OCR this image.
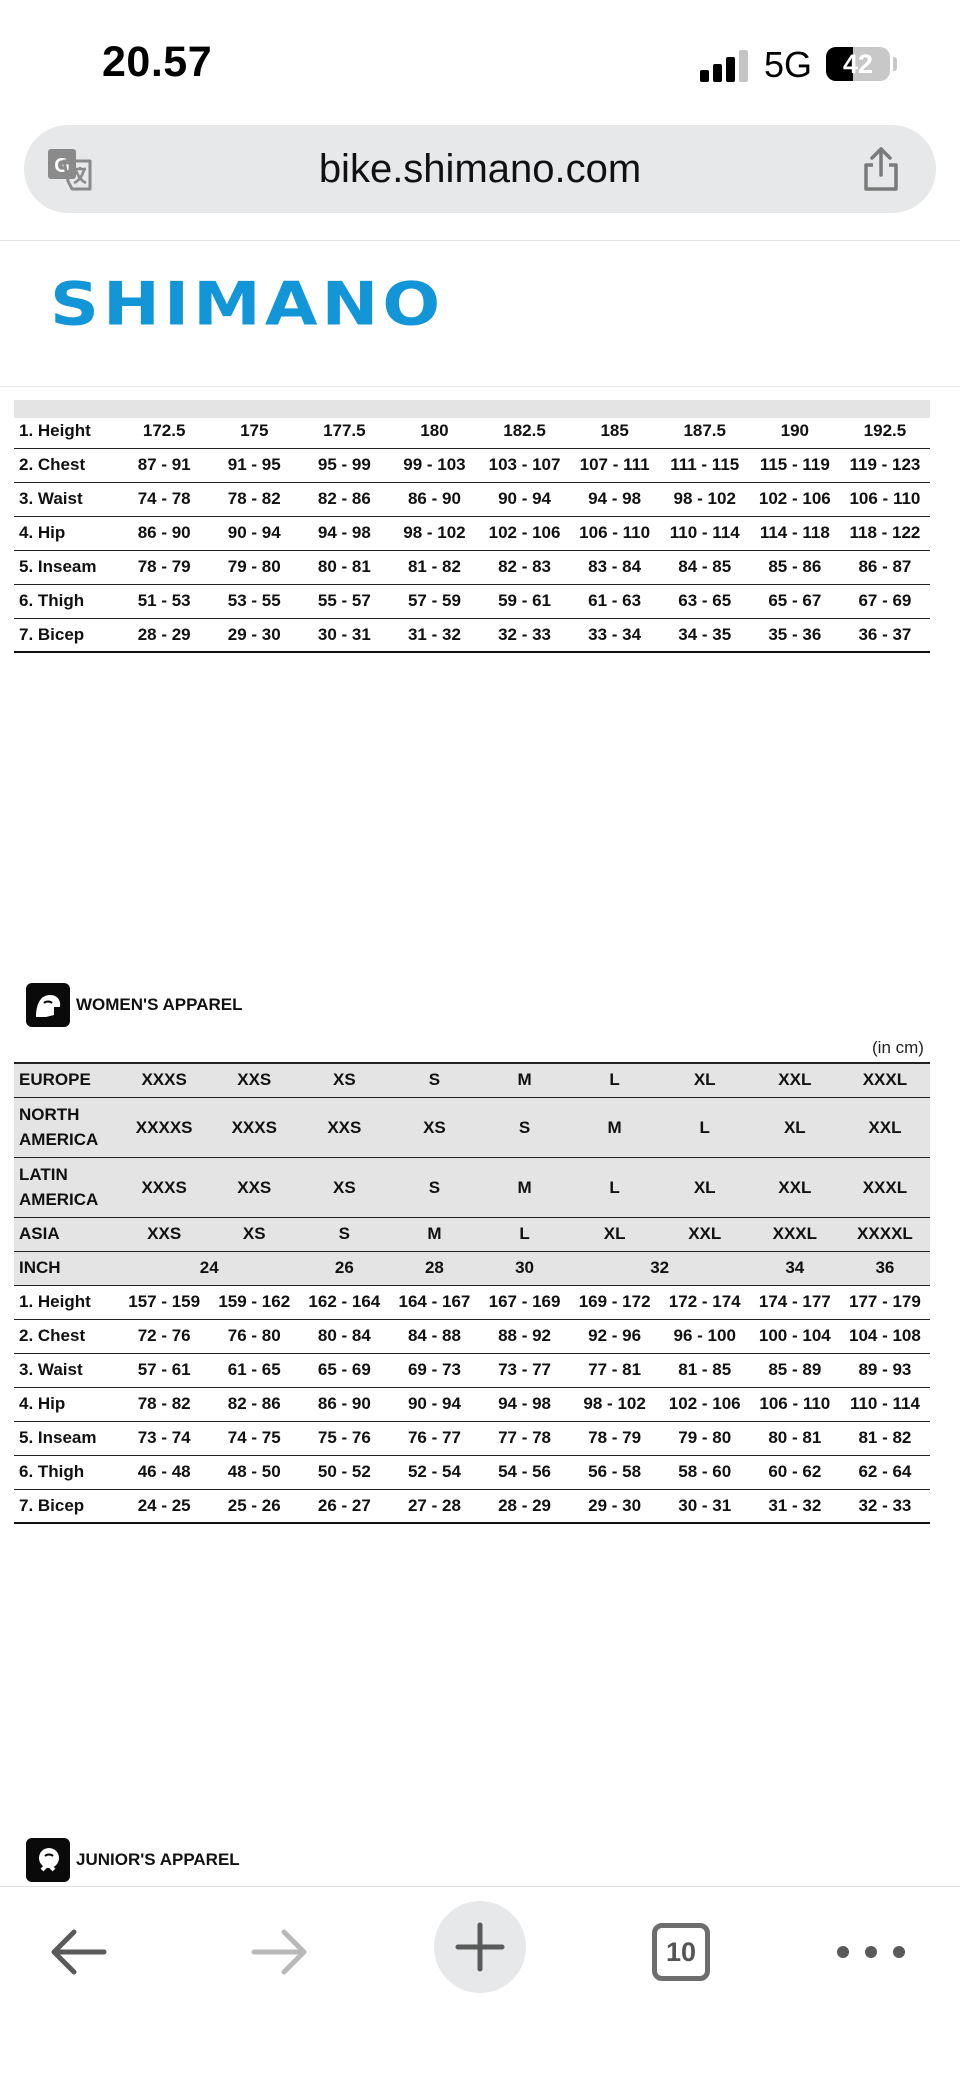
20.57	5G	42
bike.shimano.com
G
SHIMANO
1. Height	172.5	175	177.5	180	182.5	185	187.5	190	192.5
2. Chest	87 - 91	91 - 95	95 - 99	99 - 103	103 - 107	107 - 111	111 - 115	115 - 119	119 - 123
3. Waist	74 - 78	78 - 82	82 - 86	86 - 90	90 - 94	94 - 98	98 - 102	102 - 106	106 - 110
4. Hip	86 - 90	90 - 94	94 - 98	98 - 102	102 - 106	106 - 110	110 - 114	114 - 118	118 - 122
5. Inseam	78 - 79	79 - 80	80 - 81	81 - 82	82 - 83	83 - 84	84 - 85	85 - 86	86 - 87
6. Thigh	51 - 53	53 - 55	55 - 57	57 - 59	59 - 61	61 - 63	63 - 65	65 - 67	67 - 69
7. Bicep	28 - 29	29 - 30	30 - 31	31 - 32	32 - 33	33 - 34	34 - 35	35 - 36	36 - 37
WOMEN'S APPAREL
(in cm)
EUROPE	XXXS	XXS	XS	S	M	L	XL	XXL	XXXL
NORTH AMERICA	XXXXS	XXXS	XXS	XS	S	M	L	XL	XXL
LATIN AMERICA	XXXS	XXS	XS	S	M	L	XL	XXL	XXXL
ASIA	XXS	XS	S	M	L	XL	XXL	XXXL	XXXXL
INCH	24		26	28	30	32		34	36
1. Height	157 - 159	159 - 162	162 - 164	164 - 167	167 - 169	169 - 172	172 - 174	174 - 177	177 - 179
2. Chest	72 - 76	76 - 80	80 - 84	84 - 88	88 - 92	92 - 96	96 - 100	100 - 104	104 - 108
3. Waist	57 - 61	61 - 65	65 - 69	69 - 73	73 - 77	77 - 81	81 - 85	85 - 89	89 - 93
4. Hip	78 - 82	82 - 86	86 - 90	90 - 94	94 - 98	98 - 102	102 - 106	106 - 110	110 - 114
5. Inseam	73 - 74	74 - 75	75 - 76	76 - 77	77 - 78	78 - 79	79 - 80	80 - 81	81 - 82
6. Thigh	46 - 48	48 - 50	50 - 52	52 - 54	54 - 56	56 - 58	58 - 60	60 - 62	62 - 64
7. Bicep	24 - 25	25 - 26	26 - 27	27 - 28	28 - 29	29 - 30	30 - 31	31 - 32	32 - 33
JUNIOR'S APPAREL
10
